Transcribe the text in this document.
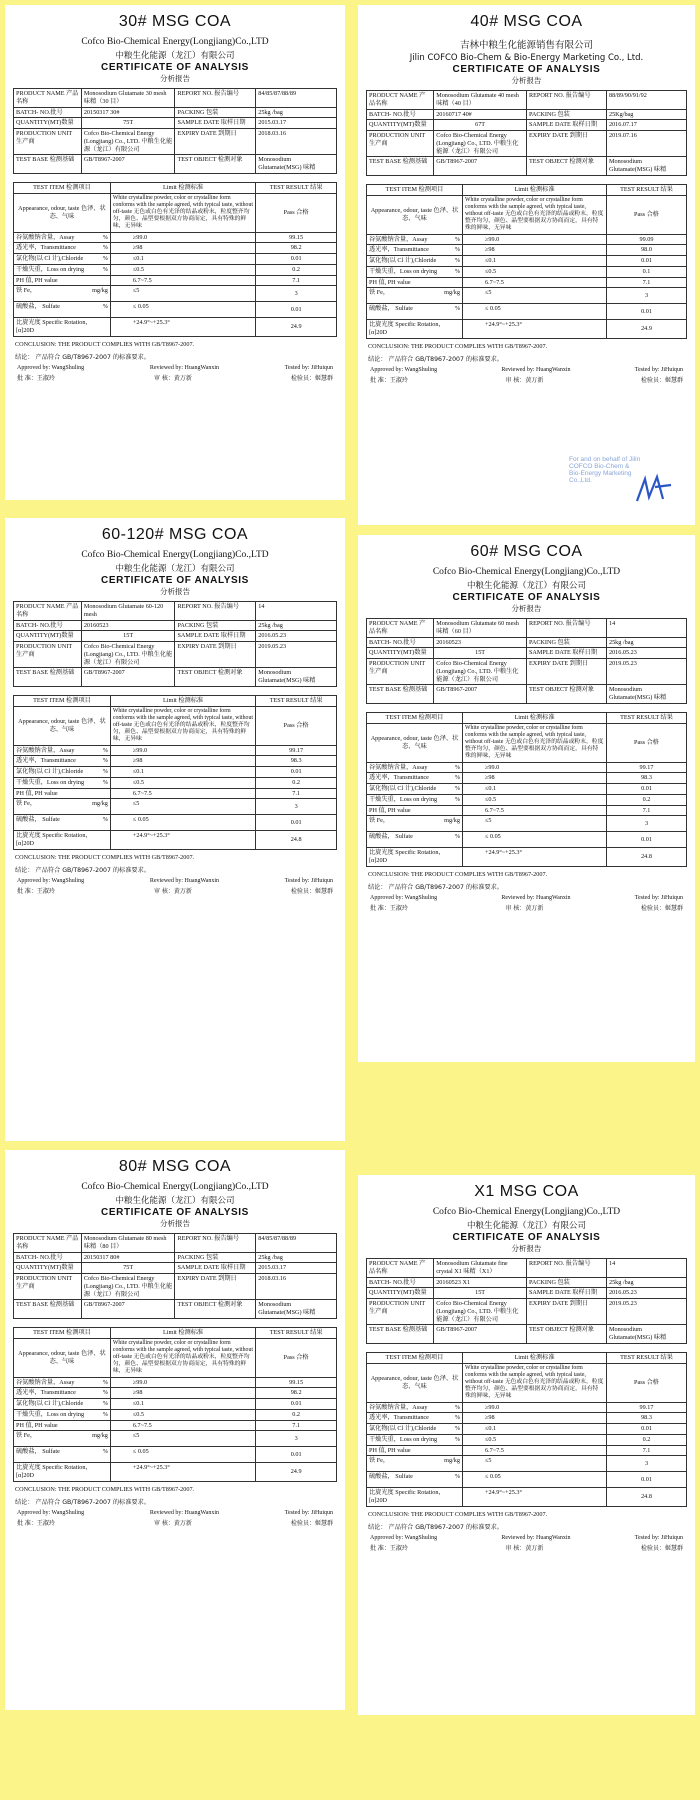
30# MSG COA
Cofco Bio-Chemical Energy(Longjiang)Co.,LTD
中粮生化能源（龙江）有限公司
CERTIFICATE OF ANALYSIS
分析报告
PRODUCT NAME 产品名称	Monosodium Glutamate 30 mesh 味精（30 目）	REPORT NO. 报告编号	84/85/87/88/89
BATCH- NO.批号	20150317 30#	PACKING 包装	25kg /bag
QUANTITY(MT)数量	75T	SAMPLE DATE 取样日期	2015.03.17
PRODUCTION UNIT 生产商	Cofco Bio-Chemical Energy (Longjiang) Co., LTD. 中粮生化能源（龙江）有限公司	EXPIRY DATE 到期日	2018.03.16
TEST BASE 检测基础	GB/T8967-2007	TEST OBJECT 检测对象	Monosodium Glutamate(MSG) 味精
TEST ITEM 检测项目	Limit 检测标准	TEST RESULT 结果
Appearance, odour, taste 色泽、状态、气味	White crystalline powder, color or crystalline form conforms with the sample agreed, with typical taste, without off-taste 无色或白色有光泽的结晶或粉末，粒度整齐均匀，颜色、晶型要根据双方协商而定，具有特殊的鲜味，无异味	Pass 合格
谷氨酸钠含量，Assay %	≥99.0	99.15
透光率，Transmittance %	≥98	98.2
氯化物(以 Cl 计),Chloride %	≤0.1	0.01
干燥失重，Loss on drying %	≤0.5	0.2
PH 值, PH value	6.7~7.5	7.1
铁 Fe， mg/kg	≤5	3
硫酸盐， Sulfate %	≤ 0.05	0.01
比旋光度 Specific Rotation，[α]20D	+24.9°~+25.3°	24.9
CONCLUSION: THE PRODUCT COMPLIES WITH GB/T8967-2007.
结论： 产品符合 GB/T8967-2007 的标准要求。
Approved by: WangShuling	Reviewed by: HuangWanxin	Tested by: JiHuiqun
批 准：王淑玲	审 核：黄万新	检验员：姬慧群
40# MSG COA
吉林中粮生化能源销售有限公司
Jilin COFCO Bio-Chem & Bio-Energy Marketing Co., Ltd.
CERTIFICATE OF ANALYSIS
分析报告
PRODUCT NAME 产品名称	Monosodium Glutamate 40 mesh 味精（40 目）	REPORT NO. 报告编号	88/89/90/91/92
BATCH- NO.批号	20160717 40#	PACKING 包装	25Kg/bag
QUANTITY(MT)数量	67T	SAMPLE DATE 取样日期	2016.07.17
PRODUCTION UNIT 生产商	Cofco Bio-Chemical Energy (Longjiang) Co., LTD. 中粮生化能源（龙江）有限公司	EXPIRY DATE 到期日	2019.07.16
TEST BASE 检测基础	GB/T8967-2007	TEST OBJECT 检测对象	Monosodium Glutamate(MSG) 味精
TEST ITEM 检测项目	Limit 检测标准	TEST RESULT 结果
Appearance, odour, taste 色泽、状态、气味	White crystalline powder, color or crystalline form conforms with the sample agreed, with typical taste, without off-taste 无色或白色有光泽的结晶或粉末，粒度整齐均匀，颜色、晶型要根据双方协商而定，具有特殊的鲜味，无异味	Pass 合格
谷氨酸钠含量，Assay %	≥99.0	99.09
透光率，Transmittance %	≥98	98.0
氯化物(以 Cl 计),Chloride %	≤0.1	0.01
干燥失重，Loss on drying %	≤0.5	0.1
PH 值, PH value	6.7~7.5	7.1
铁 Fe， mg/kg	≤5	3
硫酸盐， Sulfate %	≤ 0.05	0.01
比旋光度 Specific Rotation，[α]20D	+24.9°~+25.3°	24.9
CONCLUSION: THE PRODUCT COMPLIES WITH GB/T8967-2007.
结论： 产品符合 GB/T8967-2007 的标准要求。
Approved by: WangShuling	Reviewed by: HuangWanxin	Tested by: JiHuiqun
批 准：王淑玲	审 核：黄万新	检验员：姬慧群
For and on behalf of Jilin COFCO Bio-Chem & Bio-Energy Marketing Co.,Ltd.
60-120# MSG COA
Cofco Bio-Chemical Energy(Longjiang)Co.,LTD
中粮生化能源（龙江）有限公司
CERTIFICATE OF ANALYSIS
分析报告
PRODUCT NAME 产品名称	Monosodium Glutamate 60-120 mesh	REPORT NO. 报告编号	14
BATCH- NO.批号	20160523	PACKING 包装	25kg /bag
QUANTITY(MT)数量	15T	SAMPLE DATE 取样日期	2016.05.23
PRODUCTION UNIT 生产商	Cofco Bio-Chemical Energy (Longjiang) Co., LTD. 中粮生化能源（龙江）有限公司	EXPIRY DATE 到期日	2019.05.23
TEST BASE 检测基础	GB/T8967-2007	TEST OBJECT 检测对象	Monosodium Glutamate(MSG) 味精
TEST ITEM 检测项目	Limit 检测标准	TEST RESULT 结果
Appearance, odour, taste 色泽、状态、气味	White crystalline powder, color or crystalline form conforms with the sample agreed, with typical taste, without off-taste 无色或白色有光泽的结晶或粉末，粒度整齐均匀，颜色、晶型要根据双方协商而定，具有特殊的鲜味，无异味	Pass 合格
谷氨酸钠含量，Assay %	≥99.0	99.17
透光率，Transmittance %	≥98	98.3
氯化物(以 Cl 计),Chloride %	≤0.1	0.01
干燥失重，Loss on drying %	≤0.5	0.2
PH 值, PH value	6.7~7.5	7.1
铁 Fe， mg/kg	≤5	3
硫酸盐， Sulfate %	≤ 0.05	0.01
比旋光度 Specific Rotation，[α]20D	+24.9°~+25.3°	24.8
CONCLUSION: THE PRODUCT COMPLIES WITH GB/T8967-2007.
结论： 产品符合 GB/T8967-2007 的标准要求。
Approved by: WangShuling	Reviewed by: HuangWanxin	Tested by: JiHuiqun
批 准：王淑玲	审 核：黄万新	检验员：姬慧群
60# MSG COA
Cofco Bio-Chemical Energy(Longjiang)Co.,LTD
中粮生化能源（龙江）有限公司
CERTIFICATE OF ANALYSIS
分析报告
PRODUCT NAME 产品名称	Monosodium Glutamate 60 mesh 味精（60 目）	REPORT NO. 报告编号	14
BATCH- NO.批号	20160523	PACKING 包装	25kg /bag
QUANTITY(MT)数量	15T	SAMPLE DATE 取样日期	2016.05.23
PRODUCTION UNIT 生产商	Cofco Bio-Chemical Energy (Longjiang) Co., LTD. 中粮生化能源（龙江）有限公司	EXPIRY DATE 到期日	2019.05.23
TEST BASE 检测基础	GB/T8967-2007	TEST OBJECT 检测对象	Monosodium Glutamate(MSG) 味精
TEST ITEM 检测项目	Limit 检测标准	TEST RESULT 结果
Appearance, odour, taste 色泽、状态、气味	White crystalline powder, color or crystalline form conforms with the sample agreed, with typical taste, without off-taste 无色或白色有光泽的结晶或粉末，粒度整齐均匀，颜色、晶型要根据双方协商而定，具有特殊的鲜味，无异味	Pass 合格
谷氨酸钠含量，Assay %	≥99.0	99.17
透光率，Transmittance %	≥98	98.3
氯化物(以 Cl 计),Chloride %	≤0.1	0.01
干燥失重，Loss on drying %	≤0.5	0.2
PH 值, PH value	6.7~7.5	7.1
铁 Fe， mg/kg	≤5	3
硫酸盐， Sulfate %	≤ 0.05	0.01
比旋光度 Specific Rotation，[α]20D	+24.9°~+25.3°	24.8
CONCLUSION: THE PRODUCT COMPLIES WITH GB/T8967-2007.
结论： 产品符合 GB/T8967-2007 的标准要求。
Approved by: WangShuling	Reviewed by: HuangWanxin	Tested by: JiHuiqun
批 准：王淑玲	审 核：黄万新	检验员：姬慧群
80# MSG COA
Cofco Bio-Chemical Energy(Longjiang)Co.,LTD
中粮生化能源（龙江）有限公司
CERTIFICATE OF ANALYSIS
分析报告
PRODUCT NAME 产品名称	Monosodium Glutamate 80 mesh 味精（80 目）	REPORT NO. 报告编号	84/85/87/88/89
BATCH- NO.批号	20150317 80#	PACKING 包装	25kg /bag
QUANTITY(MT)数量	75T	SAMPLE DATE 取样日期	2015.03.17
PRODUCTION UNIT 生产商	Cofco Bio-Chemical Energy (Longjiang) Co., LTD. 中粮生化能源（龙江）有限公司	EXPIRY DATE 到期日	2018.03.16
TEST BASE 检测基础	GB/T8967-2007	TEST OBJECT 检测对象	Monosodium Glutamate(MSG) 味精
TEST ITEM 检测项目	Limit 检测标准	TEST RESULT 结果
Appearance, odour, taste 色泽、状态、气味	White crystalline powder, color or crystalline form conforms with the sample agreed, with typical taste, without off-taste 无色或白色有光泽的结晶或粉末，粒度整齐均匀，颜色、晶型要根据双方协商而定，具有特殊的鲜味，无异味	Pass 合格
谷氨酸钠含量，Assay %	≥99.0	99.15
透光率，Transmittance %	≥98	98.2
氯化物(以 Cl 计),Chloride %	≤0.1	0.01
干燥失重，Loss on drying %	≤0.5	0.2
PH 值, PH value	6.7~7.5	7.1
铁 Fe， mg/kg	≤5	3
硫酸盐， Sulfate %	≤ 0.05	0.01
比旋光度 Specific Rotation，[α]20D	+24.9°~+25.3°	24.9
CONCLUSION: THE PRODUCT COMPLIES WITH GB/T8967-2007.
结论： 产品符合 GB/T8967-2007 的标准要求。
Approved by: WangShuling	Reviewed by: HuangWanxin	Tested by: JiHuiqun
批 准：王淑玲	审 核：黄万新	检验员：姬慧群
X1 MSG COA
Cofco Bio-Chemical Energy(Longjiang)Co.,LTD
中粮生化能源（龙江）有限公司
CERTIFICATE OF ANALYSIS
分析报告
PRODUCT NAME 产品名称	Monosodium Glutamate fine crystal X1 味精（X1）	REPORT NO. 报告编号	14
BATCH- NO.批号	20160523 X1	PACKING 包装	25kg /bag
QUANTITY(MT)数量	15T	SAMPLE DATE 取样日期	2016.05.23
PRODUCTION UNIT 生产商	Cofco Bio-Chemical Energy (Longjiang) Co., LTD. 中粮生化能源（龙江）有限公司	EXPIRY DATE 到期日	2019.05.23
TEST BASE 检测基础	GB/T8967-2007	TEST OBJECT 检测对象	Monosodium Glutamate(MSG) 味精
TEST ITEM 检测项目	Limit 检测标准	TEST RESULT 结果
Appearance, odour, taste 色泽、状态、气味	White crystalline powder, color or crystalline form conforms with the sample agreed, with typical taste, without off-taste 无色或白色有光泽的结晶或粉末，粒度整齐均匀，颜色、晶型要根据双方协商而定，具有特殊的鲜味，无异味	Pass 合格
谷氨酸钠含量，Assay %	≥99.0	99.17
透光率，Transmittance %	≥98	98.3
氯化物(以 Cl 计),Chloride %	≤0.1	0.01
干燥失重，Loss on drying %	≤0.5	0.2
PH 值, PH value	6.7~7.5	7.1
铁 Fe， mg/kg	≤5	3
硫酸盐， Sulfate %	≤ 0.05	0.01
比旋光度 Specific Rotation，[α]20D	+24.9°~+25.3°	24.8
CONCLUSION: THE PRODUCT COMPLIES WITH GB/T8967-2007.
结论： 产品符合 GB/T8967-2007 的标准要求。
Approved by: WangShuling	Reviewed by: HuangWanxin	Tested by: JiHuiqun
批 准：王淑玲	审 核：黄万新	检验员：姬慧群
